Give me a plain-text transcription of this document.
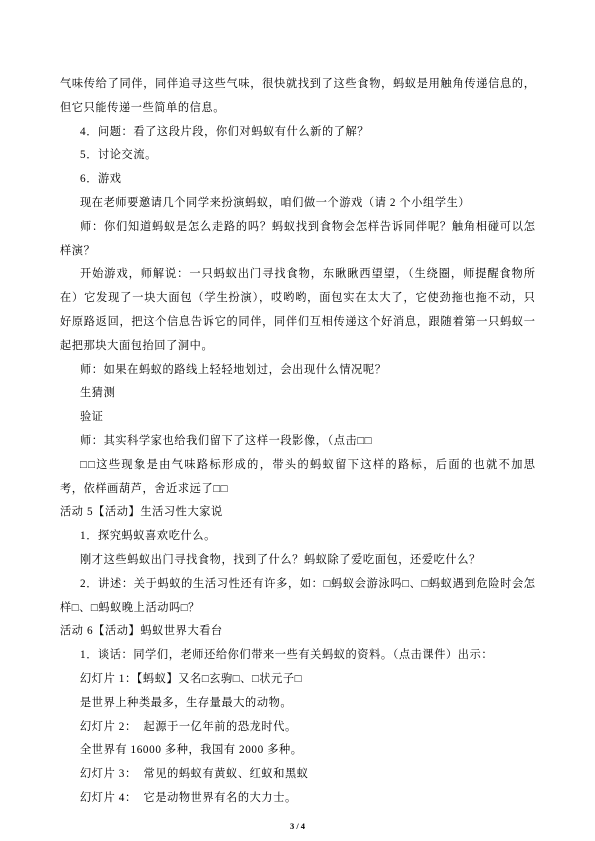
气味传给了同伴，同伴追寻这些气味，很快就找到了这些食物，蚂蚁是用触角传递信息的，
但它只能传递一些简单的信息。
4．问题：看了这段片段，你们对蚂蚁有什么新的了解？
5．讨论交流。
6．游戏
现在老师要邀请几个同学来扮演蚂蚁，咱们做一个游戏（请 2 个小组学生）
师：你们知道蚂蚁是怎么走路的吗？蚂蚁找到食物会怎样告诉同伴呢？触角相碰可以怎
样演？
开始游戏，师解说：一只蚂蚁出门寻找食物，东瞅瞅西望望，（生绕圈，师提醒食物所
在）它发现了一块大面包（学生扮演），哎哟哟，面包实在太大了，它使劲拖也拖不动，只
好原路返回，把这个信息告诉它的同伴，同伴们互相传递这个好消息，跟随着第一只蚂蚁一
起把那块大面包抬回了洞中。
师：如果在蚂蚁的路线上轻轻地划过，会出现什么情况呢？
生猜测
验证
师：其实科学家也给我们留下了这样一段影像，（点击□□
□□这些现象是由气味路标形成的，带头的蚂蚁留下这样的路标，后面的也就不加思
考，依样画葫芦，舍近求远了□□
活动 5【活动】生活习性大家说
1．探究蚂蚁喜欢吃什么。
刚才这些蚂蚁出门寻找食物，找到了什么？蚂蚁除了爱吃面包，还爱吃什么？
2．讲述：关于蚂蚁的生活习性还有许多，如：□蚂蚁会游泳吗□、□蚂蚁遇到危险时会怎
样□、□蚂蚁晚上活动吗□？
活动 6【活动】蚂蚁世界大看台
1．谈话：同学们，老师还给你们带来一些有关蚂蚁的资料。（点击课件）出示：
幻灯片 1：【蚂蚁】又名□玄驹□、□状元子□
是世界上种类最多，生存量最大的动物。
幻灯片 2：  起源于一亿年前的恐龙时代。
全世界有 16000 多种，我国有 2000 多种。
幻灯片 3：  常见的蚂蚁有黄蚁、红蚁和黑蚁
幻灯片 4：  它是动物世界有名的大力士。
3 / 4
